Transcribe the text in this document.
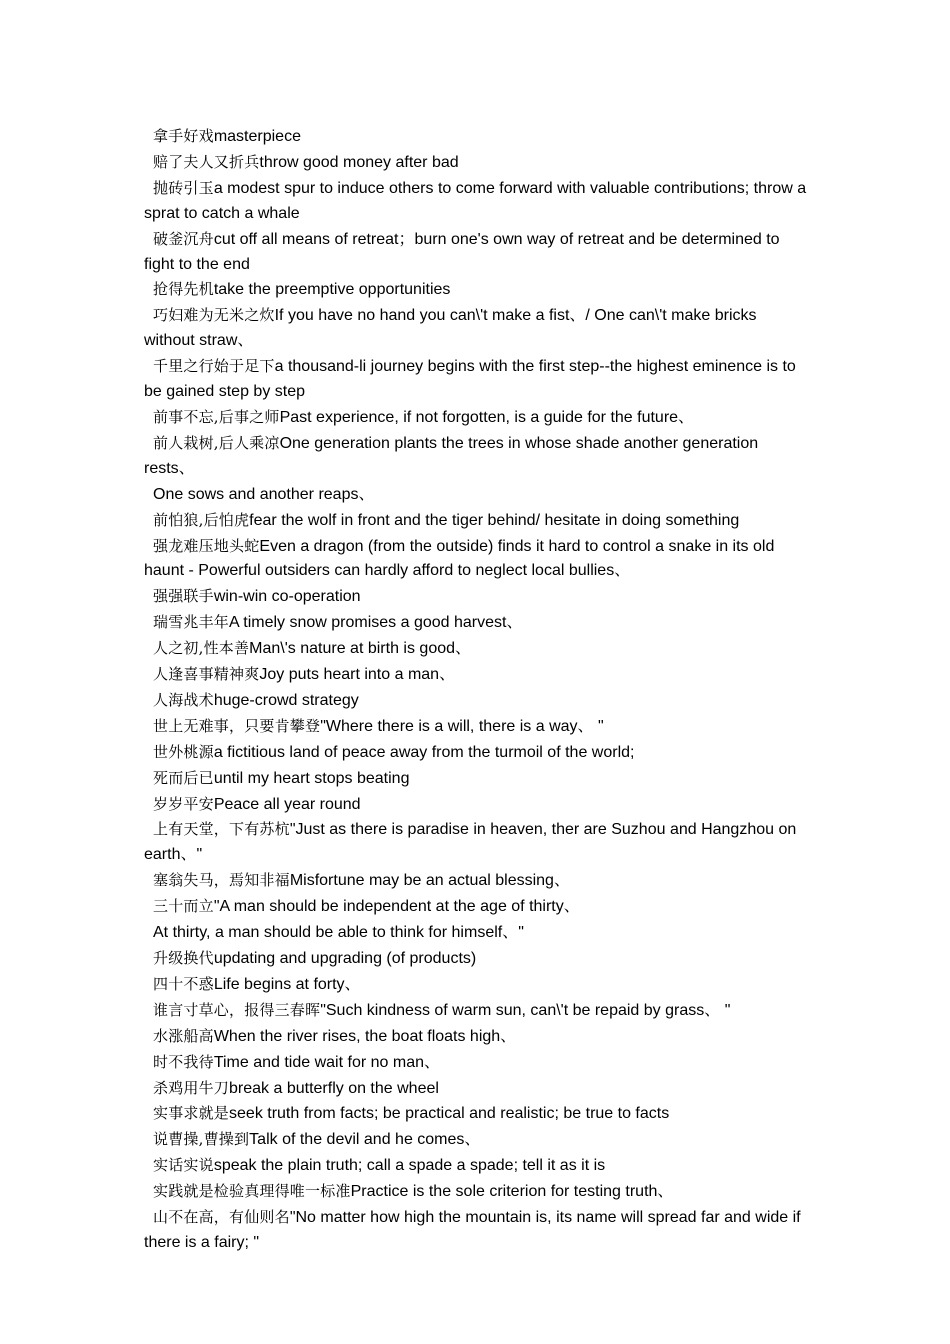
拿手好戏masterpiece

赔了夫人又折兵throw good money after bad

抛砖引玉a modest spur to induce others to come forward with valuable contributions; throw a sprat to catch a whale

破釜沉舟cut off all means of retreat；burn one's own way of retreat and be determined to fight to the end

抢得先机take the preemptive opportunities

巧妇难为无米之炊If you have no hand you can\'t make a fist、/ One can\'t make bricks without straw、

千里之行始于足下a thousand-li journey begins with the first step--the highest eminence is to be gained step by step

前事不忘,后事之师Past experience, if not forgotten, is a guide for the future、

前人栽树,后人乘凉One generation plants the trees in whose shade another generation rests、

One sows and another reaps、

前怕狼,后怕虎fear the wolf in front and the tiger behind/ hesitate in doing something

强龙难压地头蛇Even a dragon (from the outside) finds it hard to control a snake in its old haunt - Powerful outsiders can hardly afford to neglect local bullies、

强强联手win-win co-operation

瑞雪兆丰年A timely snow promises a good harvest、

人之初,性本善Man\'s nature at birth is good、

人逢喜事精神爽Joy puts heart into a man、

人海战术huge-crowd strategy

世上无难事，只要肯攀登"Where there is a will, there is a way、 "

世外桃源a fictitious land of peace away from the turmoil of the world;

死而后已until my heart stops beating

岁岁平安Peace all year round

上有天堂，下有苏杭"Just as there is paradise in heaven, ther are Suzhou and Hangzhou on earth、"

塞翁失马，焉知非福Misfortune may be an actual blessing、

三十而立"A man should be independent at the age of thirty、

At thirty, a man should be able to think for himself、"

升级换代updating and upgrading (of products)

四十不惑Life begins at forty、

谁言寸草心，报得三春晖"Such kindness of warm sun, can\'t be repaid by grass、 "

水涨船高When the river rises, the boat floats high、

时不我待Time and tide wait for no man、

杀鸡用牛刀break a butterfly on the wheel

实事求就是seek truth from facts; be practical and realistic; be true to facts

说曹操,曹操到Talk of the devil and he comes、

实话实说speak the plain truth; call a spade a spade; tell it as it is

实践就是检验真理得唯一标准Practice is the sole criterion for testing truth、

山不在高，有仙则名"No matter how high the mountain is, its name will spread far and wide if there is a fairy; "
